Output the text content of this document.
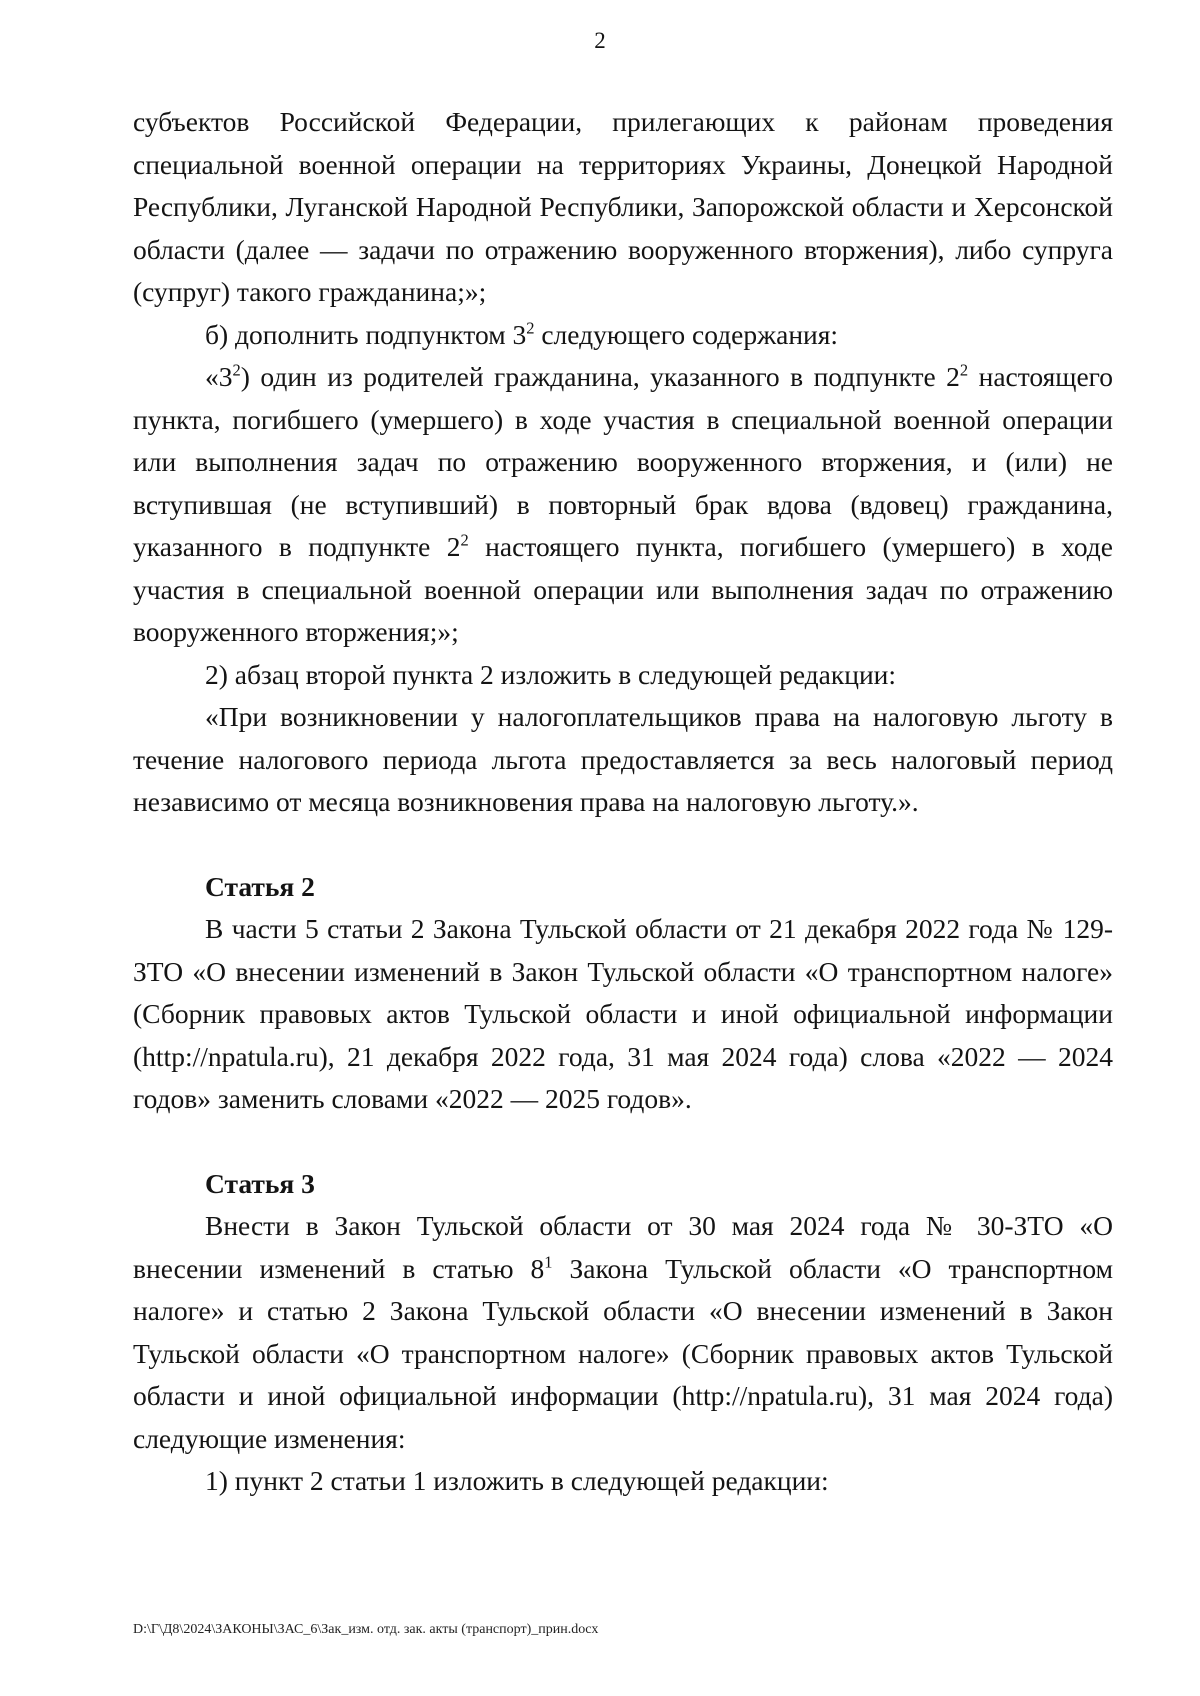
2

субъектов Российской Федерации, прилегающих к районам проведения специальной военной операции на территориях Украины, Донецкой Народной Республики, Луганской Народной Республики, Запорожской области и Херсонской области (далее — задачи по отражению вооруженного вторжения), либо супруга (супруг) такого гражданина;»;

б) дополнить подпунктом $3^2$ следующего содержания:

«$3^2$) один из родителей гражданина, указанного в подпункте $2^2$ настоящего пункта, погибшего (умершего) в ходе участия в специальной военной операции или выполнения задач по отражению вооруженного вторжения, и (или) не вступившая (не вступивший) в повторный брак вдова (вдовец) гражданина, указанного в подпункте $2^2$ настоящего пункта, погибшего (умершего) в ходе участия в специальной военной операции или выполнения задач по отражению вооруженного вторжения;»;

2) абзац второй пункта 2 изложить в следующей редакции:

«При возникновении у налогоплательщиков права на налоговую льготу в течение налогового периода льгота предоставляется за весь налоговый период независимо от месяца возникновения права на налоговую льготу.».

Статья 2

В части 5 статьи 2 Закона Тульской области от 21 декабря 2022 года № 129-ЗТО «О внесении изменений в Закон Тульской области «О транспортном налоге» (Сборник правовых актов Тульской области и иной официальной информации (http://npatula.ru), 21 декабря 2022 года, 31 мая 2024 года) слова «2022 — 2024 годов» заменить словами «2022 — 2025 годов».

Статья 3

Внести в Закон Тульской области от 30 мая 2024 года № 30-ЗТО «О внесении изменений в статью $8^1$ Закона Тульской области «О транспортном налоге» и статью 2 Закона Тульской области «О внесении изменений в Закон Тульской области «О транспортном налоге» (Сборник правовых актов Тульской области и иной официальной информации (http://npatula.ru), 31 мая 2024 года) следующие изменения:

1) пункт 2 статьи 1 изложить в следующей редакции:

D:\Г\Д8\2024\ЗАКОНЫ\ЗАС_6\Зак_изм. отд. зак. акты (транспорт)_прин.docx
